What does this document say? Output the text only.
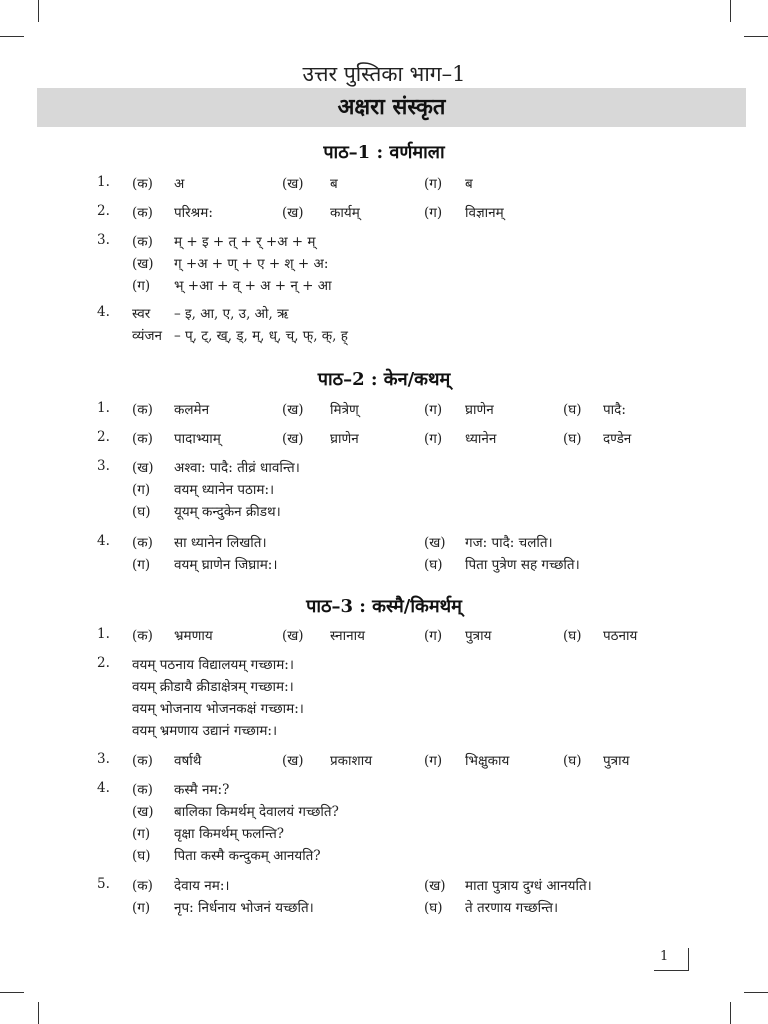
उत्तर पुस्तिका भाग–1
अक्षरा संस्कृत
पाठ–1 : वर्णमाला
1. (क) अ	(ख) ब	(ग) ब
2. (क) परिश्रम:	(ख) कार्यम्	(ग) विज्ञानम्
3. (क) म् + इ + त् + र् +अ + म्
(ख) ग् +अ + ण् + ए + श् + अ:
(ग) भ् +आ + व् + अ + न् + आ
4. स्वर – इ, आ, ए, उ, ओ, ऋ
व्यंजन – प्, ट्, ख्, ड्, म्, ध्, च्, फ्, क्, ह्
पाठ–2 : केन/कथम्
1. (क) कलमेन	(ख) मित्रेण्	(ग) घ्राणेन	(घ) पादै:
2. (क) पादाभ्याम्	(ख) घ्राणेन	(ग) ध्यानेन	(घ) दण्डेन
3. (ख) अश्वा: पादै: तीव्रं धावन्ति।
(ग) वयम् ध्यानेन पठाम:।
(घ) यूयम् कन्दुकेन क्रीडथ।
4. (क) सा ध्यानेन लिखति।	(ख) गज: पादै: चलति।
(ग) वयम् घ्राणेन जिघ्राम:।	(घ) पिता पुत्रेण सह गच्छति।
पाठ–3 : कस्मै/किमर्थम्
1. (क) भ्रमणाय	(ख) स्नानाय	(ग) पुत्राय	(घ) पठनाय
2. वयम् पठनाय विद्यालयम् गच्छाम:।
वयम् क्रीडायै क्रीडाक्षेत्रम् गच्छाम:।
वयम् भोजनाय भोजनकक्षं गच्छाम:।
वयम् भ्रमणाय उद्यानं गच्छाम:।
3. (क) वर्षाथै	(ख) प्रकाशाय	(ग) भिक्षुकाय	(घ) पुत्राय
4. (क) कस्मै नम:?
(ख) बालिका किमर्थम् देवालयं गच्छति?
(ग) वृक्षा किमर्थम् फलन्ति?
(घ) पिता कस्मै कन्दुकम् आनयति?
5. (क) देवाय नम:।	(ख) माता पुत्राय दुग्धं आनयति।
(ग) नृप: निर्धनाय भोजनं यच्छति।	(घ) ते तरणाय गच्छन्ति।
1
